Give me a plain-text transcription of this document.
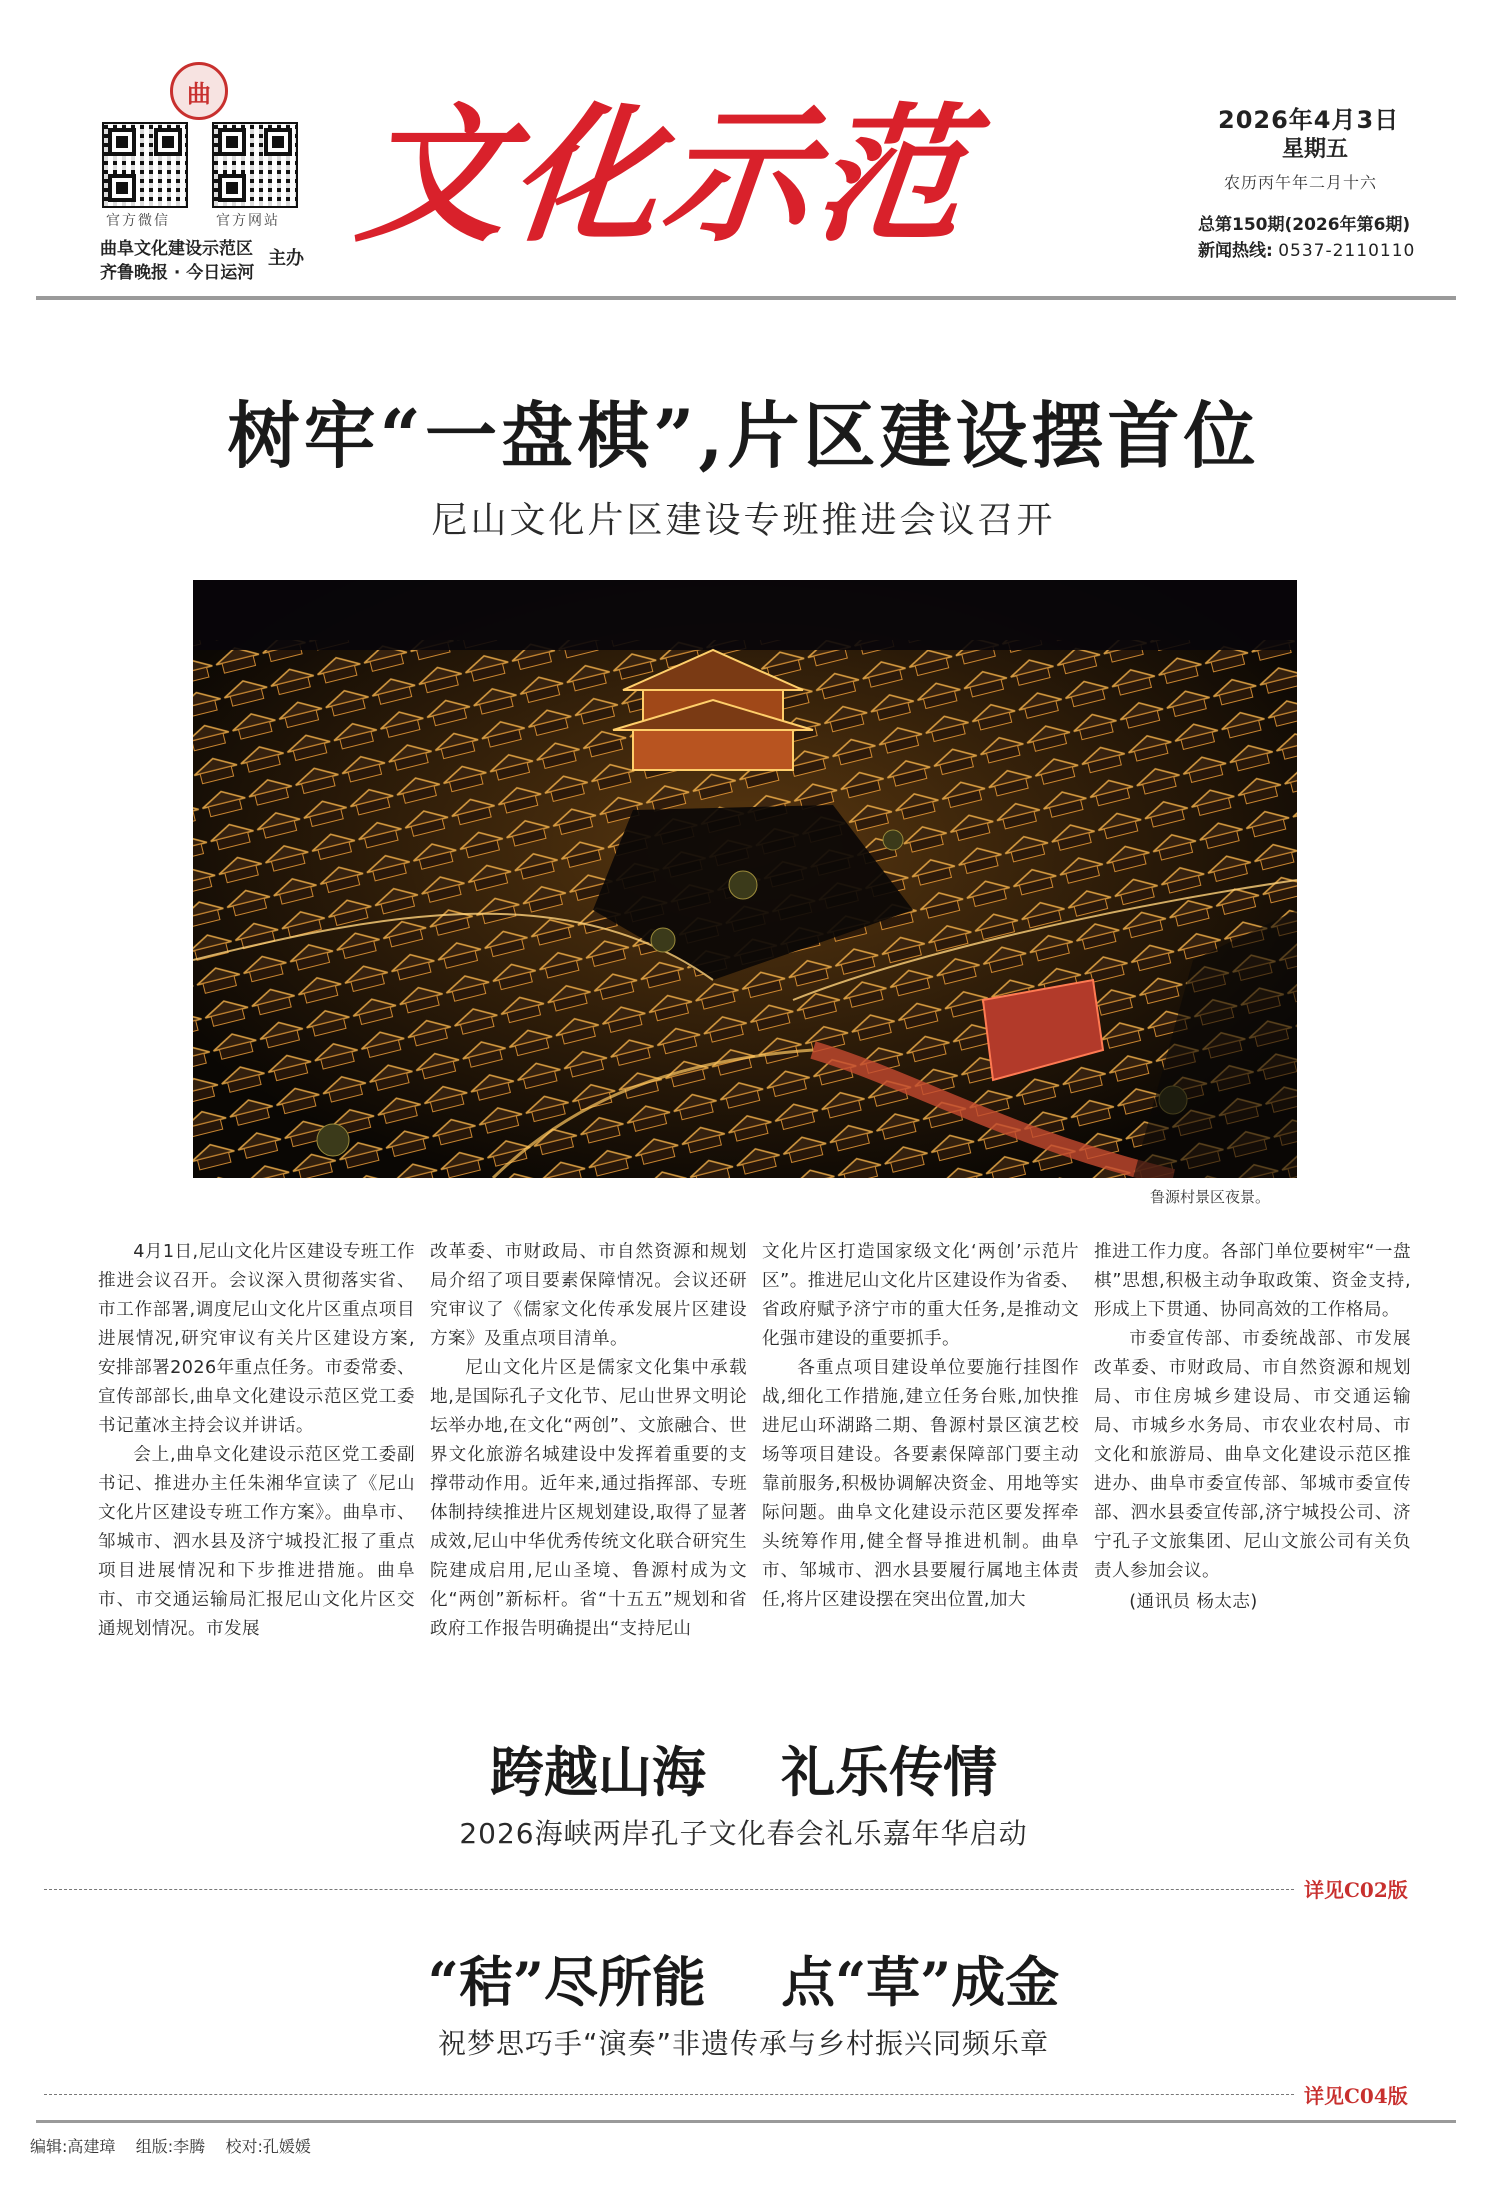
曲
官方微信	官方网站
曲阜文化建设示范区
齐鲁晚报 · 今日运河
主办 文化示范	2026年4月3日
星期五
农历丙午年二月十六
总第150期(2026年第6期)
新闻热线: 0537-2110110
树牢“一盘棋”,片区建设摆首位
尼山文化片区建设专班推进会议召开
鲁源村景区夜景。

4月1日,尼山文化片区建设专班工作推进会议召开。会议深入贯彻落实省、市工作部署,调度尼山文化片区重点项目进展情况,研究审议有关片区建设方案,安排部署2026年重点任务。市委常委、宣传部部长,曲阜文化建设示范区党工委书记董冰主持会议并讲话。

会上,曲阜文化建设示范区党工委副书记、推进办主任朱湘华宣读了《尼山文化片区建设专班工作方案》。曲阜市、邹城市、泗水县及济宁城投汇报了重点项目进展情况和下步推进措施。曲阜市、市交通运输局汇报尼山文化片区交通规划情况。市发展

改革委、市财政局、市自然资源和规划局介绍了项目要素保障情况。会议还研究审议了《儒家文化传承发展片区建设方案》及重点项目清单。

尼山文化片区是儒家文化集中承载地,是国际孔子文化节、尼山世界文明论坛举办地,在文化“两创”、文旅融合、世界文化旅游名城建设中发挥着重要的支撑带动作用。近年来,通过指挥部、专班体制持续推进片区规划建设,取得了显著成效,尼山中华优秀传统文化联合研究生院建成启用,尼山圣境、鲁源村成为文化“两创”新标杆。省“十五五”规划和省政府工作报告明确提出“支持尼山

文化片区打造国家级文化‘两创’示范片区”。推进尼山文化片区建设作为省委、省政府赋予济宁市的重大任务,是推动文化强市建设的重要抓手。

各重点项目建设单位要施行挂图作战,细化工作措施,建立任务台账,加快推进尼山环湖路二期、鲁源村景区演艺校场等项目建设。各要素保障部门要主动靠前服务,积极协调解决资金、用地等实际问题。曲阜文化建设示范区要发挥牵头统筹作用,健全督导推进机制。曲阜市、邹城市、泗水县要履行属地主体责任,将片区建设摆在突出位置,加大

推进工作力度。各部门单位要树牢“一盘棋”思想,积极主动争取政策、资金支持,形成上下贯通、协同高效的工作格局。

市委宣传部、市委统战部、市发展改革委、市财政局、市自然资源和规划局、市住房城乡建设局、市交通运输局、市城乡水务局、市农业农村局、市文化和旅游局、曲阜文化建设示范区推进办、曲阜市委宣传部、邹城市委宣传部、泗水县委宣传部,济宁城投公司、济宁孔子文旅集团、尼山文旅公司有关负责人参加会议。

(通讯员 杨太志)

跨越山海    礼乐传情
2026海峡两岸孔子文化春会礼乐嘉年华启动
详见C02版
“秸”尽所能    点“草”成金
祝梦思巧手“演奏”非遗传承与乡村振兴同频乐章
详见C04版
编辑:高建璋    组版:李腾    校对:孔媛媛
